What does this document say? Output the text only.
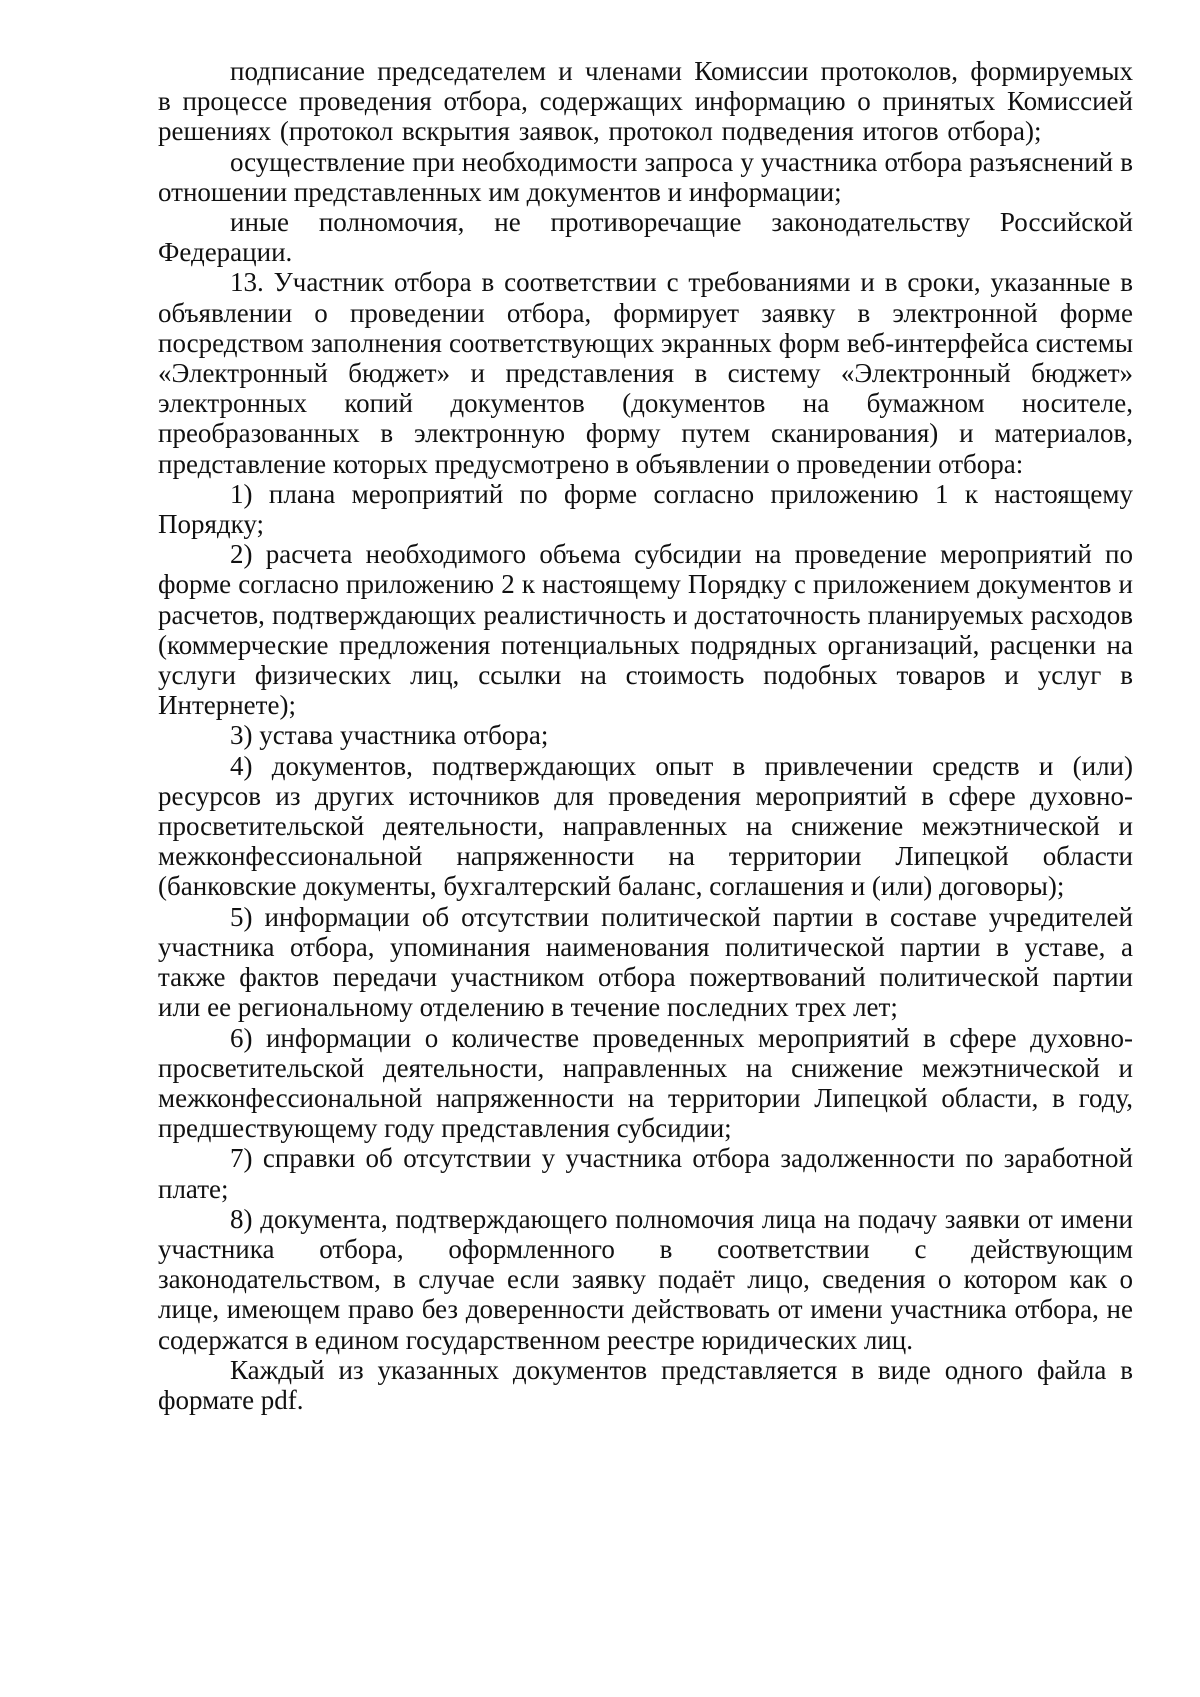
подписание председателем и членами Комиссии протоколов, формируемых в процессе проведения отбора, содержащих информацию о принятых Комиссией решениях (протокол вскрытия заявок, протокол подведения итогов отбора);

осуществление при необходимости запроса у участника отбора разъяснений в отношении представленных им документов и информации;

иные полномочия, не противоречащие законодательству Российской Федерации.

13. Участник отбора в соответствии с требованиями и в сроки, указанные в объявлении о проведении отбора, формирует заявку в электронной форме посредством заполнения соответствующих экранных форм веб-интерфейса системы «Электронный бюджет» и представления в систему «Электронный бюджет» электронных копий документов (документов на бумажном носителе, преобразованных в электронную форму путем сканирования) и материалов, представление которых предусмотрено в объявлении о проведении отбора:

1) плана мероприятий по форме согласно приложению 1 к настоящему Порядку;

2) расчета необходимого объема субсидии на проведение мероприятий по форме согласно приложению 2 к настоящему Порядку с приложением документов и расчетов, подтверждающих реалистичность и достаточность планируемых расходов (коммерческие предложения потенциальных подрядных организаций, расценки на услуги физических лиц, ссылки на стоимость подобных товаров и услуг в Интернете);

3) устава участника отбора;

4) документов, подтверждающих опыт в привлечении средств и (или) ресурсов из других источников для проведения мероприятий в сфере духовно-просветительской деятельности, направленных на снижение межэтнической и межконфессиональной напряженности на территории Липецкой области (банковские документы, бухгалтерский баланс, соглашения и (или) договоры);

5) информации об отсутствии политической партии в составе учредителей участника отбора, упоминания наименования политической партии в уставе, а также фактов передачи участником отбора пожертвований политической партии или ее региональному отделению в течение последних трех лет;

6) информации о количестве проведенных мероприятий в сфере духовно-просветительской деятельности, направленных на снижение межэтнической и межконфессиональной напряженности на территории Липецкой области, в году, предшествующему году представления субсидии;

7) справки об отсутствии у участника отбора задолженности по заработной плате;

8) документа, подтверждающего полномочия лица на подачу заявки от имени участника отбора, оформленного в соответствии с действующим законодательством, в случае если заявку подаёт лицо, сведения о котором как о лице, имеющем право без доверенности действовать от имени участника отбора, не содержатся в едином государственном реестре юридических лиц.

Каждый из указанных документов представляется в виде одного файла в формате pdf.
